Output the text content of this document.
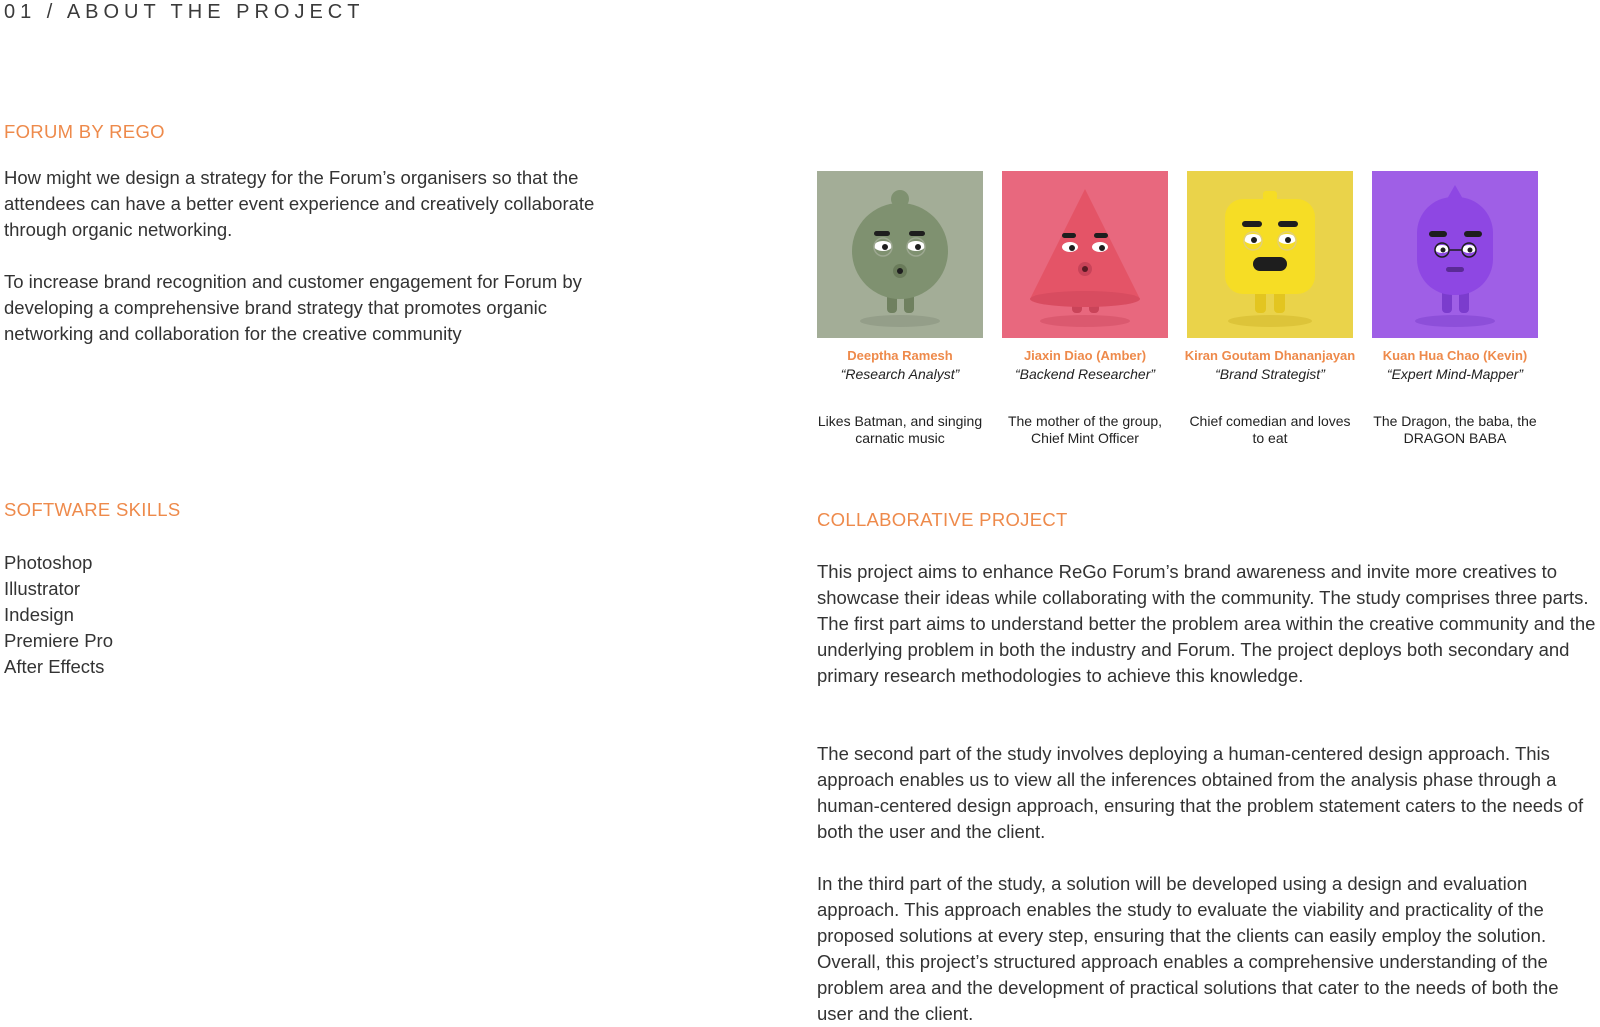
01 / ABOUT THE PROJECT
FORUM BY REGO

How might we design a strategy for the Forum’s organisers so that the attendees can have a better event experience and creatively collaborate through organic networking.

To increase brand recognition and customer engagement for Forum by developing a comprehensive brand strategy that promotes organic networking and collaboration for the creative community

SOFTWARE SKILLS
Photoshop
Illustrator
Indesign
Premiere Pro
After Effects
Deeptha Ramesh
“Research Analyst”
Likes Batman, and singing carnatic music
Jiaxin Diao (Amber)
“Backend Researcher”
The mother of the group, Chief Mint Officer
Kiran Goutam Dhananjayan
“Brand Strategist”
Chief comedian and loves to eat
Kuan Hua Chao (Kevin)
“Expert Mind-Mapper”
The Dragon, the baba, the DRAGON BABA
COLLABORATIVE PROJECT

This project aims to enhance ReGo Forum’s brand awareness and invite more creatives to showcase their ideas while collaborating with the community. The study comprises three parts. The first part aims to understand better the problem area within the creative community and the underlying problem in both the industry and Forum. The project deploys both secondary and primary research methodologies to achieve this knowledge.

The second part of the study involves deploying a human-centered design approach. This approach enables us to view all the inferences obtained from the analysis phase through a human-centered design approach, ensuring that the problem statement caters to the needs of both the user and the client.

In the third part of the study, a solution will be developed using a design and evaluation approach. This approach enables the study to evaluate the viability and practicality of the proposed solutions at every step, ensuring that the clients can easily employ the solution. Overall, this project’s structured approach enables a comprehensive understanding of the problem area and the development of practical solutions that cater to the needs of both the user and the client.
